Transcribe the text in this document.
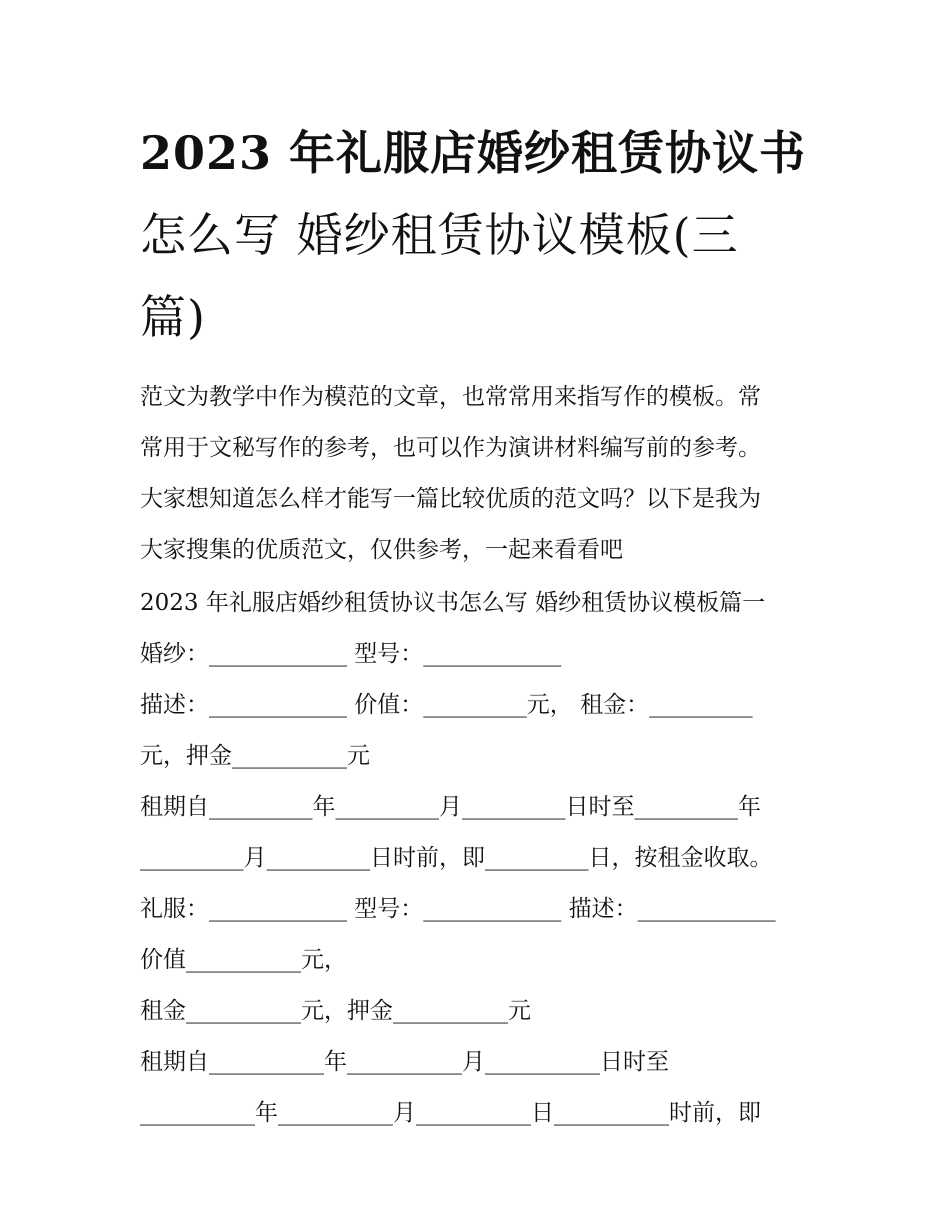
2023 年礼服店婚纱租赁协议书
怎么写 婚纱租赁协议模板(三
篇)

范文为教学中作为模范的文章，也常常用来指写作的模板。常

常用于文秘写作的参考，也可以作为演讲材料编写前的参考。

大家想知道怎么样才能写一篇比较优质的范文吗？以下是我为

大家搜集的优质范文，仅供参考，一起来看看吧

2023 年礼服店婚纱租赁协议书怎么写 婚纱租赁协议模板篇一

婚纱：____________ 型号：____________

描述：____________ 价值：_________元， 租金：_________

元，押金__________元

租期自_________年_________月_________日时至_________年

_________月_________日时前，即_________日，按租金收取。

礼服：____________ 型号：____________ 描述：____________

价值__________元，

租金__________元，押金__________元

租期自__________年__________月__________日时至

__________年__________月__________日__________时前，即
